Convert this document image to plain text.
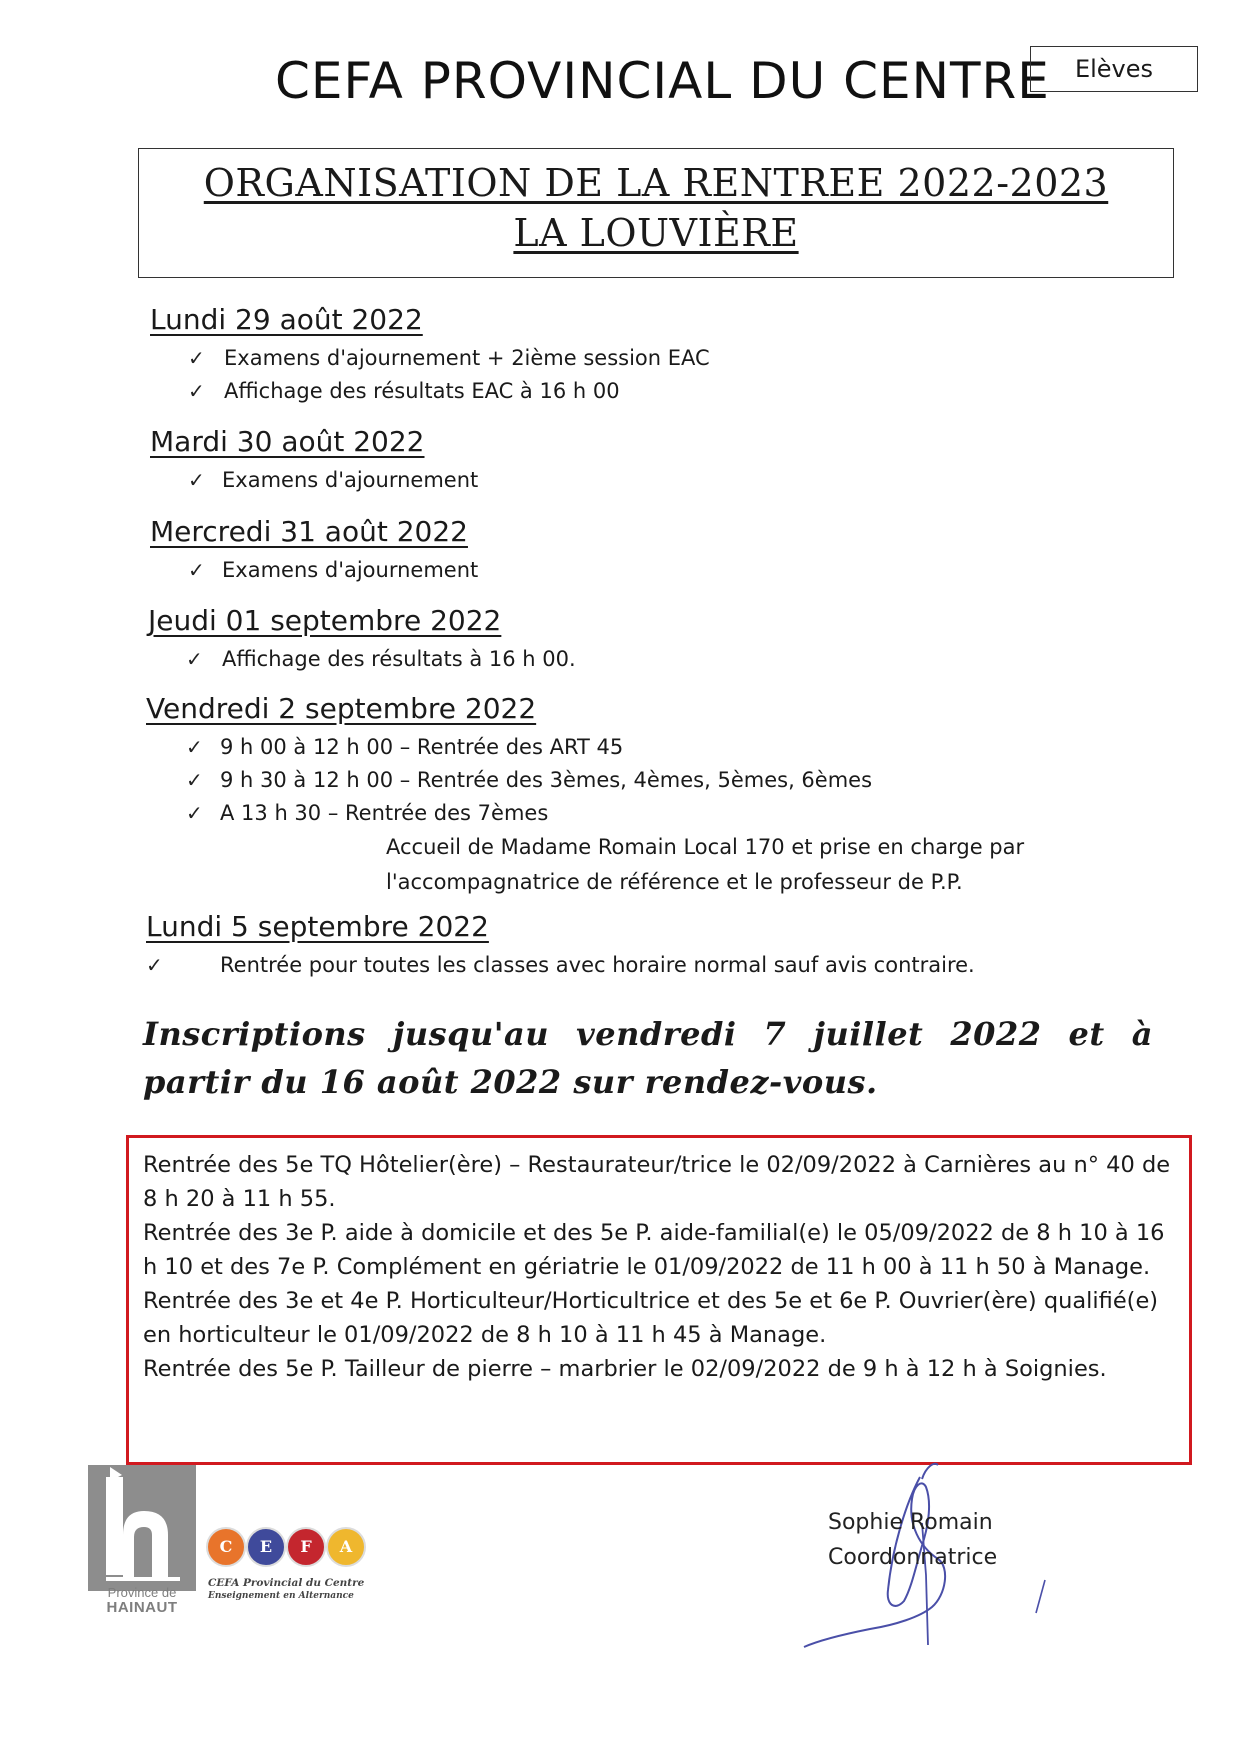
CEFA PROVINCIAL DU CENTRE	Elèves
ORGANISATION DE LA RENTREE 2022-2023
LA LOUVIÈRE
Lundi 29 août 2022
✓ Examens d'ajournement + 2ième session EAC
✓ Affichage des résultats EAC à 16 h 00
Mardi 30 août 2022
✓ Examens d'ajournement
Mercredi 31 août 2022
✓ Examens d'ajournement
Jeudi 01 septembre 2022
✓ Affichage des résultats à 16 h 00.
Vendredi 2 septembre 2022
✓ 9 h 00 à 12 h 00 – Rentrée des ART 45
✓ 9 h 30 à 12 h 00 – Rentrée des 3èmes, 4èmes, 5èmes, 6èmes
✓ A 13 h 30 – Rentrée des 7èmes
Accueil de Madame Romain Local 170 et prise en charge par
l'accompagnatrice de référence et le professeur de P.P.
Lundi 5 septembre 2022
✓	Rentrée pour toutes les classes avec horaire normal sauf avis contraire.
Inscriptions jusqu'au vendredi 7 juillet 2022 et à partir du 16 août 2022 sur rendez-vous.

Rentrée des 5e TQ Hôtelier(ère) – Restaurateur/trice le 02/09/2022 à Carnières au n° 40 de 8 h 20 à 11 h 55.

Rentrée des 3e P. aide à domicile et des 5e P. aide-familial(e) le 05/09/2022 de 8 h 10 à 16 h 10 et des 7e P. Complément en gériatrie le 01/09/2022 de 11 h 00 à 11 h 50 à Manage.

Rentrée des 3e et 4e P. Horticulteur/Horticultrice et des 5e et 6e P. Ouvrier(ère) qualifié(e) en horticulteur le 01/09/2022 de 8 h 10 à 11 h 45 à Manage.

Rentrée des 5e P. Tailleur de pierre – marbrier le 02/09/2022 de 9 h à 12 h à Soignies.

Province de
HAINAUT
C	E	F	A
CEFA Provincial du Centre
Enseignement en Alternance
Sophie Romain
Coordonnatrice
